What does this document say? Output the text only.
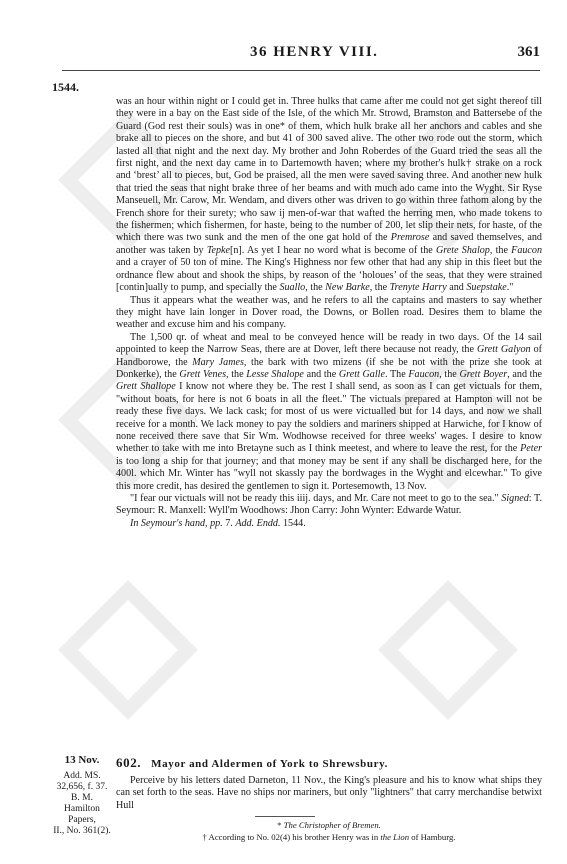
36 HENRY VIII.	361
1544.

was an hour within night or I could get in. Three hulks that came after me could not get sight thereof till they were in a bay on the East side of the Isle, of the which Mr. Strowd, Bramston and Battersebe of the Guard (God rest their souls) was in one* of them, which hulk brake all her anchors and cables and she brake all to pieces on the shore, and but 41 of 300 saved alive. The other two rode out the storm, which lasted all that night and the next day. My brother and John Roberdes of the Guard tried the seas all the first night, and the next day came in to Dartemowth haven; where my brother's hulk† strake on a rock and ‘brest’ all to pieces, but, God be praised, all the men were saved saving three. And another new hulk that tried the seas that night brake three of her beams and with much ado came into the Wyght. Sir Ryse Manseuell, Mr. Carow, Mr. Wendam, and divers other was driven to go within three fathom along by the French shore for their surety; who saw ij men-of-war that wafted the herring men, who made tokens to the fishermen; which fishermen, for haste, being to the number of 200, let slip their nets, for haste, of the which there was two sunk and the men of the one gat hold of the Premrose and saved themselves, and another was taken by Tepke[n]. As yet I hear no word what is become of the Grete Shalop, the Faucon and a crayer of 50 ton of mine. The King's Highness nor few other that had any ship in this fleet but the ordnance flew about and shook the ships, by reason of the ‘holoues’ of the seas, that they were strained [contin]ually to pump, and specially the Suallo, the New Barke, the Trenyte Harry and Suepstake."

Thus it appears what the weather was, and he refers to all the captains and masters to say whether they might have lain longer in Dover road, the Downs, or Bollen road. Desires them to blame the weather and excuse him and his company.

The 1,500 qr. of wheat and meal to be conveyed hence will be ready in two days. Of the 14 sail appointed to keep the Narrow Seas, there are at Dover, left there because not ready, the Grett Galyon of Handborowe, the Mary James, the bark with two mizens (if she be not with the prize she took at Donkerke), the Grett Venes, the Lesse Shalope and the Grett Galle. The Faucon, the Grett Boyer, and the Grett Shallope I know not where they be. The rest I shall send, as soon as I can get victuals for them, "without boats, for here is not 6 boats in all the fleet." The victuals prepared at Hampton will not be ready these five days. We lack cask; for most of us were victualled but for 14 days, and now we shall receive for a month. We lack money to pay the soldiers and mariners shipped at Harwiche, for I know of none received there save that Sir Wm. Wodhowse received for three weeks' wages. I desire to know whether to take with me into Bretayne such as I think meetest, and where to leave the rest, for the Peter is too long a ship for that journey; and that money may be sent if any shall be discharged here, for the 400l. which Mr. Winter has "wyll not skassly pay the bordwages in the Wyght and elcewhar." To give this more credit, has desired the gentlemen to sign it. Portesemowth, 13 Nov.

"I fear our victuals will not be ready this iiij. days, and Mr. Care not meet to go to the sea." Signed: T. Seymour: R. Manxell: Wyll'm Woodhows: Jhon Carry: John Wynter: Edwarde Watur.

In Seymour's hand, pp. 7. Add. Endd. 1544.

13 Nov.
Add. MS.
32,656, f. 37.
B. M.
Hamilton
Papers,
II., No. 361(2).
602. Mayor and Aldermen of York to Shrewsbury.

Perceive by his letters dated Darneton, 11 Nov., the King's pleasure and his to know what ships they can set forth to the seas. Have no ships nor mariners, but only "lightners" that carry merchandise betwixt Hull

* The Christopher of Bremen.
† According to No. 02(4) his brother Henry was in the Lion of Hamburg.
